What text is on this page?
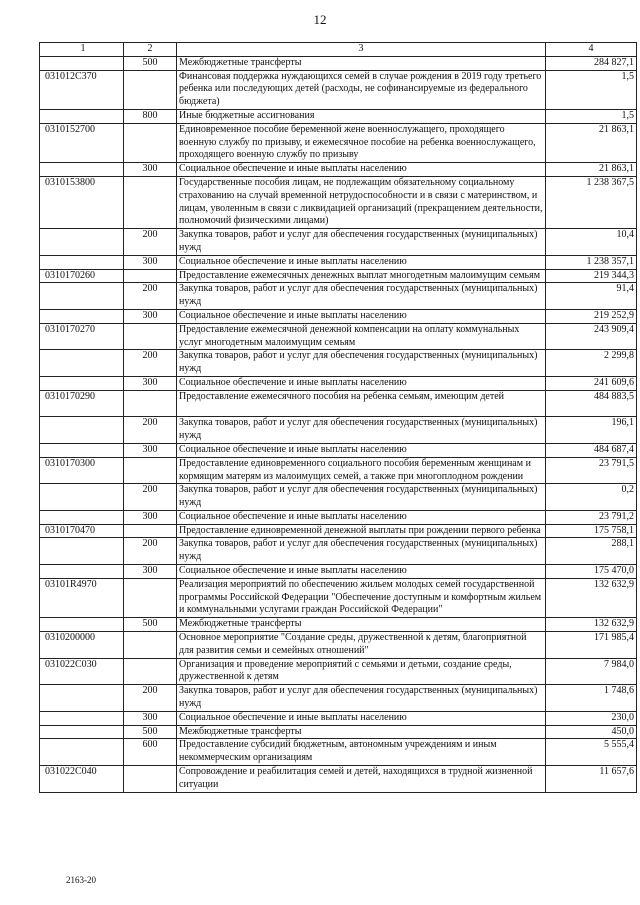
12
1	2	3	4
	500	Межбюджетные трансферты	284 827,1
031012С370		Финансовая поддержка нуждающихся семей в случае рождения в 2019 году третьего ребенка или последующих детей (расходы, не софинансируемые из федерального бюджета)	1,5
	800	Иные бюджетные ассигнования	1,5
0310152700		Единовременное пособие беременной жене военнослужащего, проходящего военную службу по призыву, и ежемесячное пособие на ребенка военнослужащего, проходящего военную службу по призыву	21 863,1
	300	Социальное обеспечение и иные выплаты населению	21 863,1
0310153800		Государственные пособия лицам, не подлежащим обязательному социальному страхованию на случай временной нетрудоспособности и в связи с материнством, и лицам, уволенным в связи с ликвидацией организаций (прекращением деятельности, полномочий физическими лицами)	1 238 367,5
	200	Закупка товаров, работ и услуг для обеспечения государственных (муниципальных) нужд	10,4
	300	Социальное обеспечение и иные выплаты населению	1 238 357,1
0310170260		Предоставление ежемесячных денежных выплат многодетным малоимущим семьям	219 344,3
	200	Закупка товаров, работ и услуг для обеспечения государственных (муниципальных) нужд	91,4
	300	Социальное обеспечение и иные выплаты населению	219 252,9
0310170270		Предоставление ежемесячной денежной компенсации на оплату коммунальных услуг многодетным малоимущим семьям	243 909,4
	200	Закупка товаров, работ и услуг для обеспечения государственных (муниципальных) нужд	2 299,8
	300	Социальное обеспечение и иные выплаты населению	241 609,6
0310170290		Предоставление ежемесячного пособия на ребенка семьям, имеющим детей	484 883,5
	200	Закупка товаров, работ и услуг для обеспечения государственных (муниципальных) нужд	196,1
	300	Социальное обеспечение и иные выплаты населению	484 687,4
0310170300		Предоставление единовременного социального пособия беременным женщинам и кормящим матерям из малоимущих семей, а также при многоплодном рождении	23 791,5
	200	Закупка товаров, работ и услуг для обеспечения государственных (муниципальных) нужд	0,2
	300	Социальное обеспечение и иные выплаты населению	23 791,2
0310170470		Предоставление единовременной денежной выплаты при рождении первого ребенка	175 758,1
	200	Закупка товаров, работ и услуг для обеспечения государственных (муниципальных) нужд	288,1
	300	Социальное обеспечение и иные выплаты населению	175 470,0
03101R4970		Реализация мероприятий по обеспечению жильем молодых семей государственной программы Российской Федерации "Обеспечение доступным и комфортным жильем и коммунальными услугами граждан Российской Федерации"	132 632,9
	500	Межбюджетные трансферты	132 632,9
0310200000		Основное мероприятие "Создание среды, дружественной к детям, благоприятной для развития семьи и семейных отношений"	171 985,4
031022С030		Организация и проведение мероприятий с семьями и детьми, создание среды, дружественной к детям	7 984,0
	200	Закупка товаров, работ и услуг для обеспечения государственных (муниципальных) нужд	1 748,6
	300	Социальное обеспечение и иные выплаты населению	230,0
	500	Межбюджетные трансферты	450,0
	600	Предоставление субсидий бюджетным, автономным учреждениям и иным некоммерческим организациям	5 555,4
031022С040		Сопровождение и реабилитация семей и детей, находящихся в трудной жизненной ситуации	11 657,6
2163-20
